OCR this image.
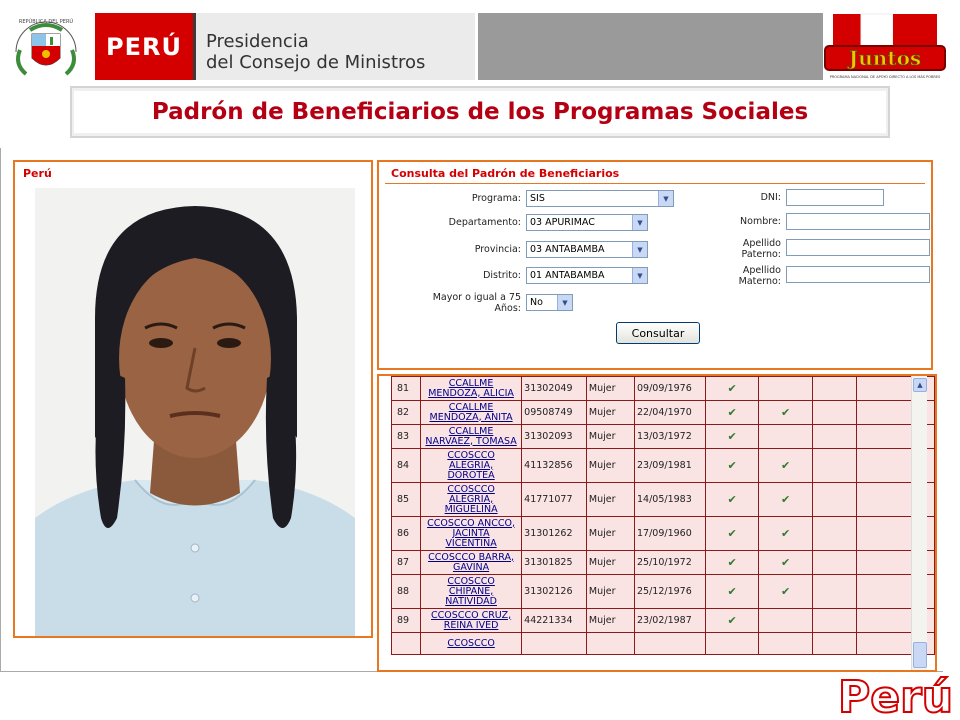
REPÚBLICA DEL PERÚ
PERÚ Presidencia
del Consejo de Ministros	Juntos
PROGRAMA NACIONAL DE APOYO DIRECTO A LOS MÁS POBRES
Padrón de Beneficiarios de los Programas Sociales
Perú	Consulta del Padrón de Beneficiarios
Programa: SIS	▼
Departamento: 03 APURIMAC	▼
Provincia: 03 ANTABAMBA	▼
Distrito: 01 ANTABAMBA	▼
Mayor o igual a 75
Años:
No	▼
DNI:
Nombre:
Apellido
Paterno:
Apellido
Materno:
Consultar
81	CCALLME
MENDOZA, ALICIA	31302049	Mujer	09/09/1976	✔				
82	CCALLME
MENDOZA, ANITA	09508749	Mujer	22/04/1970	✔	✔			
83	CCALLME
NARVAEZ, TOMASA	31302093	Mujer	13/03/1972	✔				
84	CCOSCCO
ALEGRIA,
DOROTEA	41132856	Mujer	23/09/1981	✔	✔			
85	CCOSCCO
ALEGRIA,
MIGUELINA	41771077	Mujer	14/05/1983	✔	✔			
86	CCOSCCO ANCCO,
JACINTA
VICENTINA	31301262	Mujer	17/09/1960	✔	✔			
87	CCOSCCO BARRA,
GAVINA	31301825	Mujer	25/10/1972	✔	✔			
88	CCOSCCO
CHIPANE,
NATIVIDAD	31302126	Mujer	25/12/1976	✔	✔			
89	CCOSCCO CRUZ,
REINA IVED	44221334	Mujer	23/02/1987	✔				

	CCOSCCO								

▲
Perú
